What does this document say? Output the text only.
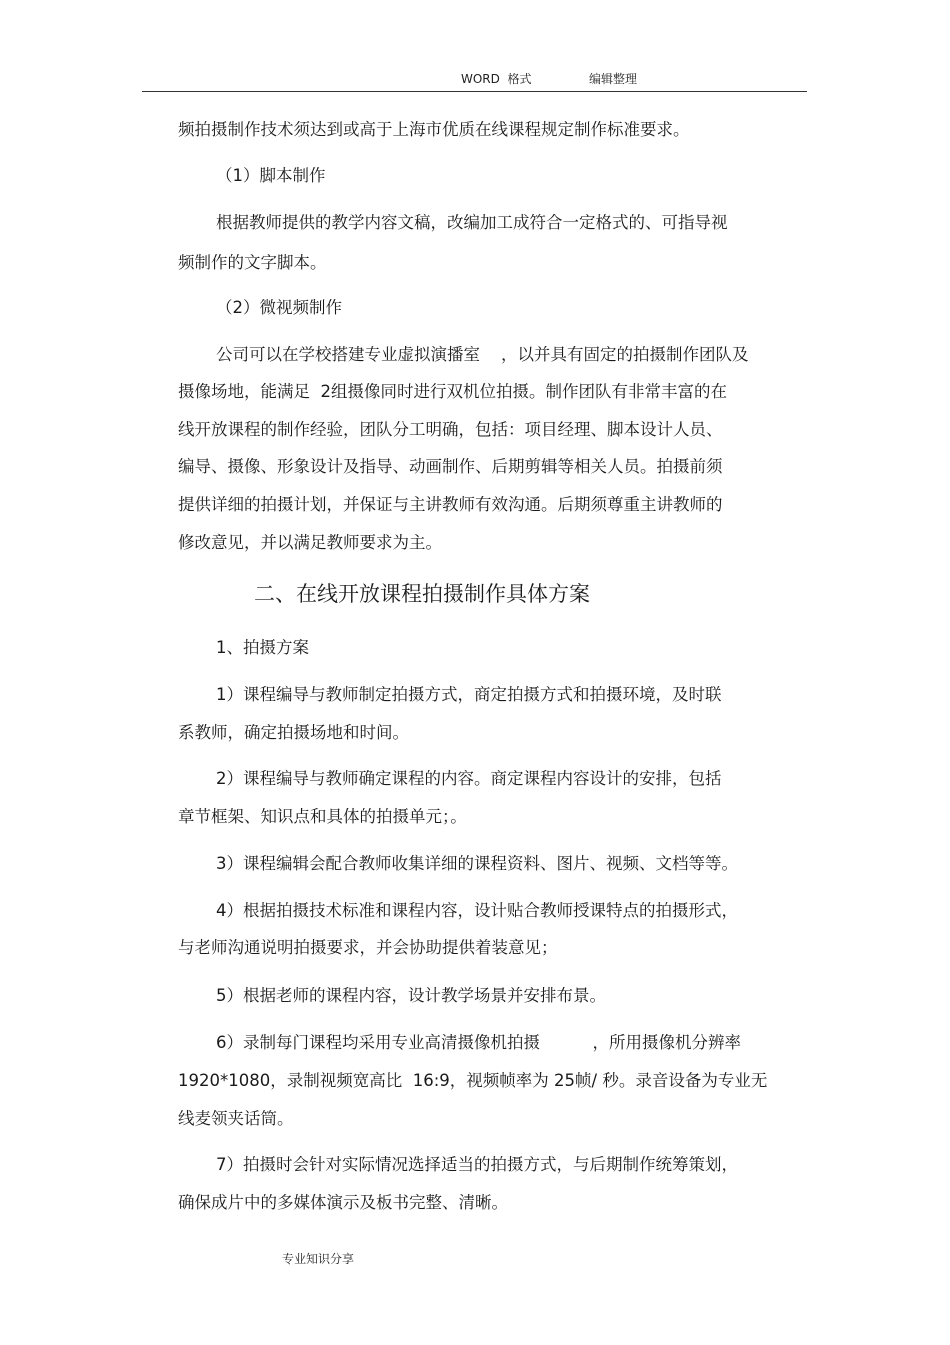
WORD  格式	编辑整理
频拍摄制作技术须达到或高于上海市优质在线课程规定制作标准要求。
（1）脚本制作
根据教师提供的教学内容文稿，改编加工成符合一定格式的、可指导视
频制作的文字脚本。
（2）微视频制作
公司可以在学校搭建专业虚拟演播室    ，以并具有固定的拍摄制作团队及
摄像场地，能满足  2组摄像同时进行双机位拍摄。制作团队有非常丰富的在
线开放课程的制作经验，团队分工明确，包括：项目经理、脚本设计人员、
编导、摄像、形象设计及指导、动画制作、后期剪辑等相关人员。拍摄前须
提供详细的拍摄计划，并保证与主讲教师有效沟通。后期须尊重主讲教师的
修改意见，并以满足教师要求为主。
二、在线开放课程拍摄制作具体方案
1、拍摄方案
1）课程编导与教师制定拍摄方式，商定拍摄方式和拍摄环境，及时联
系教师，确定拍摄场地和时间。
2）课程编导与教师确定课程的内容。商定课程内容设计的安排，包括
章节框架、知识点和具体的拍摄单元；。
3）课程编辑会配合教师收集详细的课程资料、图片、视频、文档等等。
4）根据拍摄技术标准和课程内容，设计贴合教师授课特点的拍摄形式，
与老师沟通说明拍摄要求，并会协助提供着装意见；
5）根据老师的课程内容，设计教学场景并安排布景。
6）录制每门课程均采用专业高清摄像机拍摄          ，所用摄像机分辨率
1920*1080，录制视频宽高比  16:9，视频帧率为 25帧/ 秒。录音设备为专业无
线麦领夹话筒。
7）拍摄时会针对实际情况选择适当的拍摄方式，与后期制作统筹策划，
确保成片中的多媒体演示及板书完整、清晰。
专业知识分享
